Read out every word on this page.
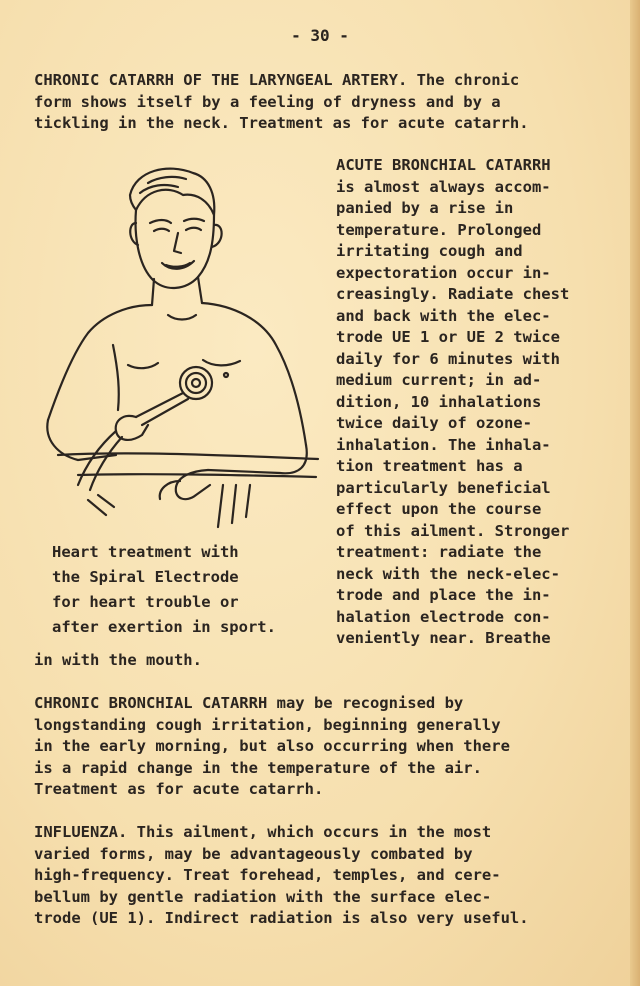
- 30 -
CHRONIC CATARRH OF THE LARYNGEAL ARTERY. The chronic
form shows itself by a feeling of dryness and by a
tickling in the neck. Treatment as for acute catarrh.
ACUTE BRONCHIAL CATARRH
is almost always accom-
panied by a rise in
temperature. Prolonged
irritating cough and
expectoration occur in-
creasingly. Radiate chest
and back with the elec-
trode UE 1 or UE 2 twice
daily for 6 minutes with
medium current; in ad-
dition, 10 inhalations
twice daily of ozone-
inhalation. The inhala-
tion treatment has a
particularly beneficial
effect upon the course
of this ailment. Stronger
treatment: radiate the
neck with the neck-elec-
trode and place the in-
halation electrode con-
veniently near. Breathe
Heart treatment with
the Spiral Electrode
for heart trouble or
after exertion in sport.
in with the mouth.
CHRONIC BRONCHIAL CATARRH may be recognised by
longstanding cough irritation, beginning generally
in the early morning, but also occurring when there
is a rapid change in the temperature of the air.
Treatment as for acute catarrh.
INFLUENZA. This ailment, which occurs in the most
varied forms, may be advantageously combated by
high-frequency. Treat forehead, temples, and cere-
bellum by gentle radiation with the surface elec-
trode (UE 1). Indirect radiation is also very useful.
